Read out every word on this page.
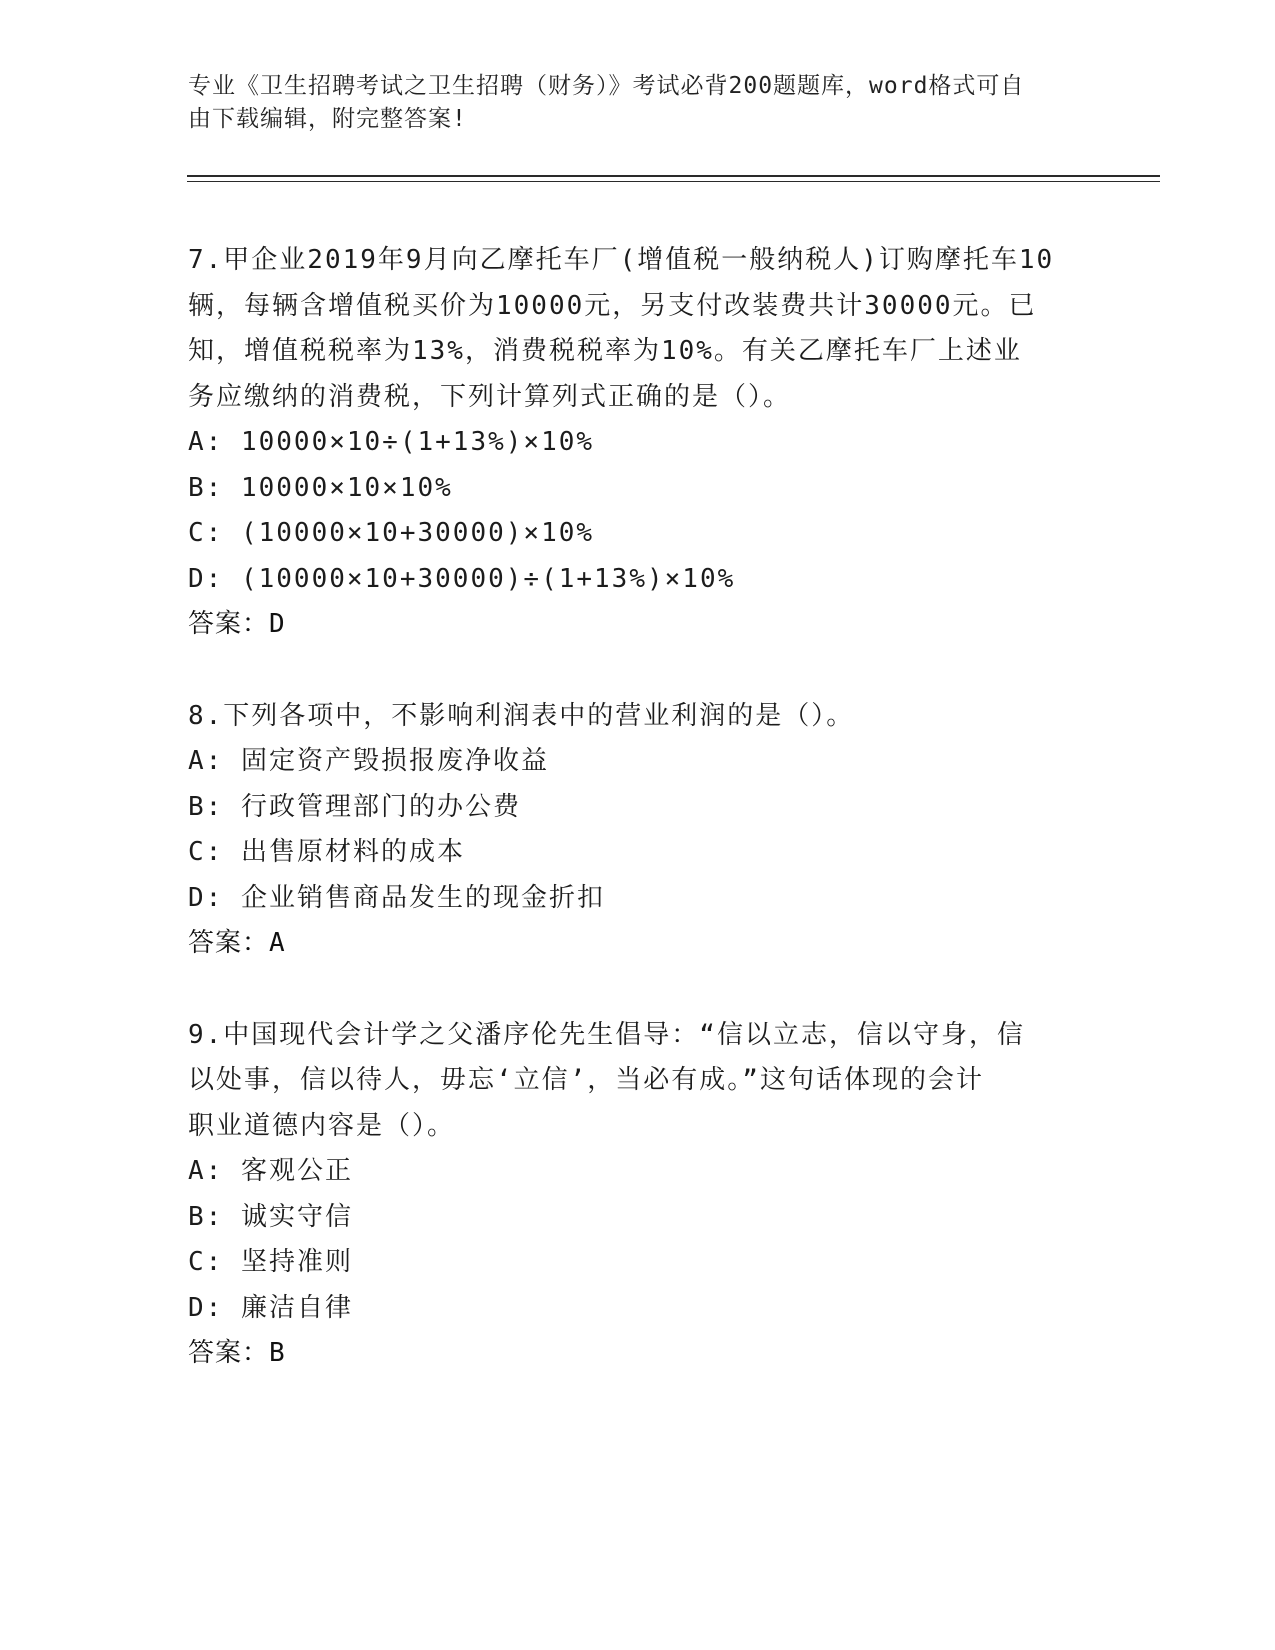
专业《卫生招聘考试之卫生招聘（财务）》考试必背200题题库，word格式可自
由下载编辑，附完整答案!
7.甲企业2019年9月向乙摩托车厂(增值税一般纳税人)订购摩托车10
辆，每辆含增值税买价为10000元，另支付改装费共计30000元。已
知，增值税税率为13%，消费税税率为10%。有关乙摩托车厂上述业
务应缴纳的消费税，下列计算列式正确的是（）。
A: 10000×10÷(1+13%)×10%
B: 10000×10×10%
C: (10000×10+30000)×10%
D: (10000×10+30000)÷(1+13%)×10%
答案：D
8.下列各项中，不影响利润表中的营业利润的是（）。
A: 固定资产毁损报废净收益
B: 行政管理部门的办公费
C: 出售原材料的成本
D: 企业销售商品发生的现金折扣
答案：A
9.中国现代会计学之父潘序伦先生倡导：“信以立志，信以守身，信
以处事，信以待人，毋忘‘立信’，当必有成。”这句话体现的会计
职业道德内容是（）。
A: 客观公正
B: 诚实守信
C: 坚持准则
D: 廉洁自律
答案：B
